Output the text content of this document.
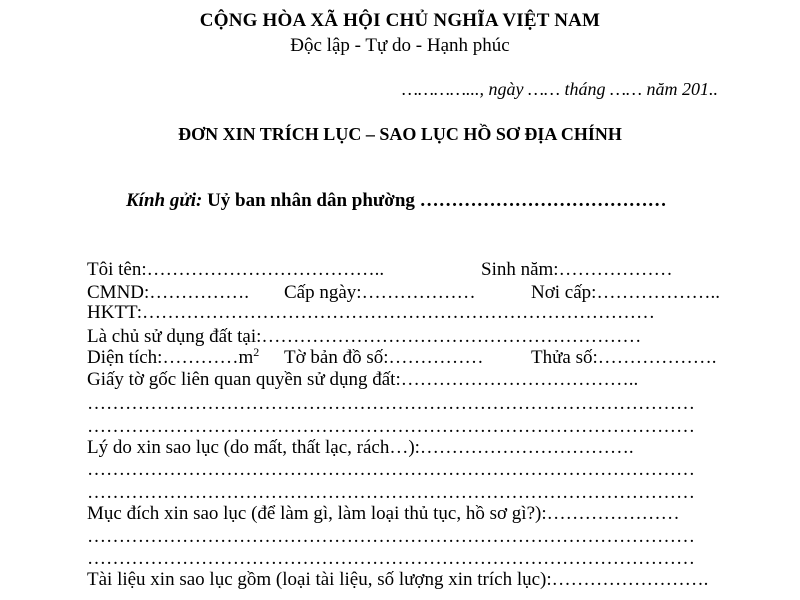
CỘNG HÒA XÃ HỘI CHỦ NGHĨA VIỆT NAM
Độc lập - Tự do - Hạnh phúc
…………..., ngày …… tháng …… năm 201..
ĐƠN XIN TRÍCH LỤC – SAO LỤC HỒ SƠ ĐỊA CHÍNH
Kính gửi: Uỷ ban nhân dân phường …………………………………
Tôi tên:………………………………..	Sinh năm:………………
CMND:……………. Cấp ngày:………………	Nơi cấp:………………..
HKTT:………………………………………………………………………
Là chủ sử dụng đất tại:……………………………………………………
Diện $tích:\dots\dots\dots\dots m^2$ Tờ bản đồ số:…………… Thửa số:……………….
Giấy tờ gốc liên quan quyền sử dụng đất:………………………………..
……………………………………………………………………………………
……………………………………………………………………………………
Lý do xin sao lục (do mất, thất lạc, rách…):…………………………….
……………………………………………………………………………………
……………………………………………………………………………………
Mục đích xin sao lục (để làm gì, làm loại thủ tục, hồ sơ gì?):…………………
……………………………………………………………………………………
……………………………………………………………………………………
Tài liệu xin sao lục gồm (loại tài liệu, số lượng xin trích lục):…………………….
